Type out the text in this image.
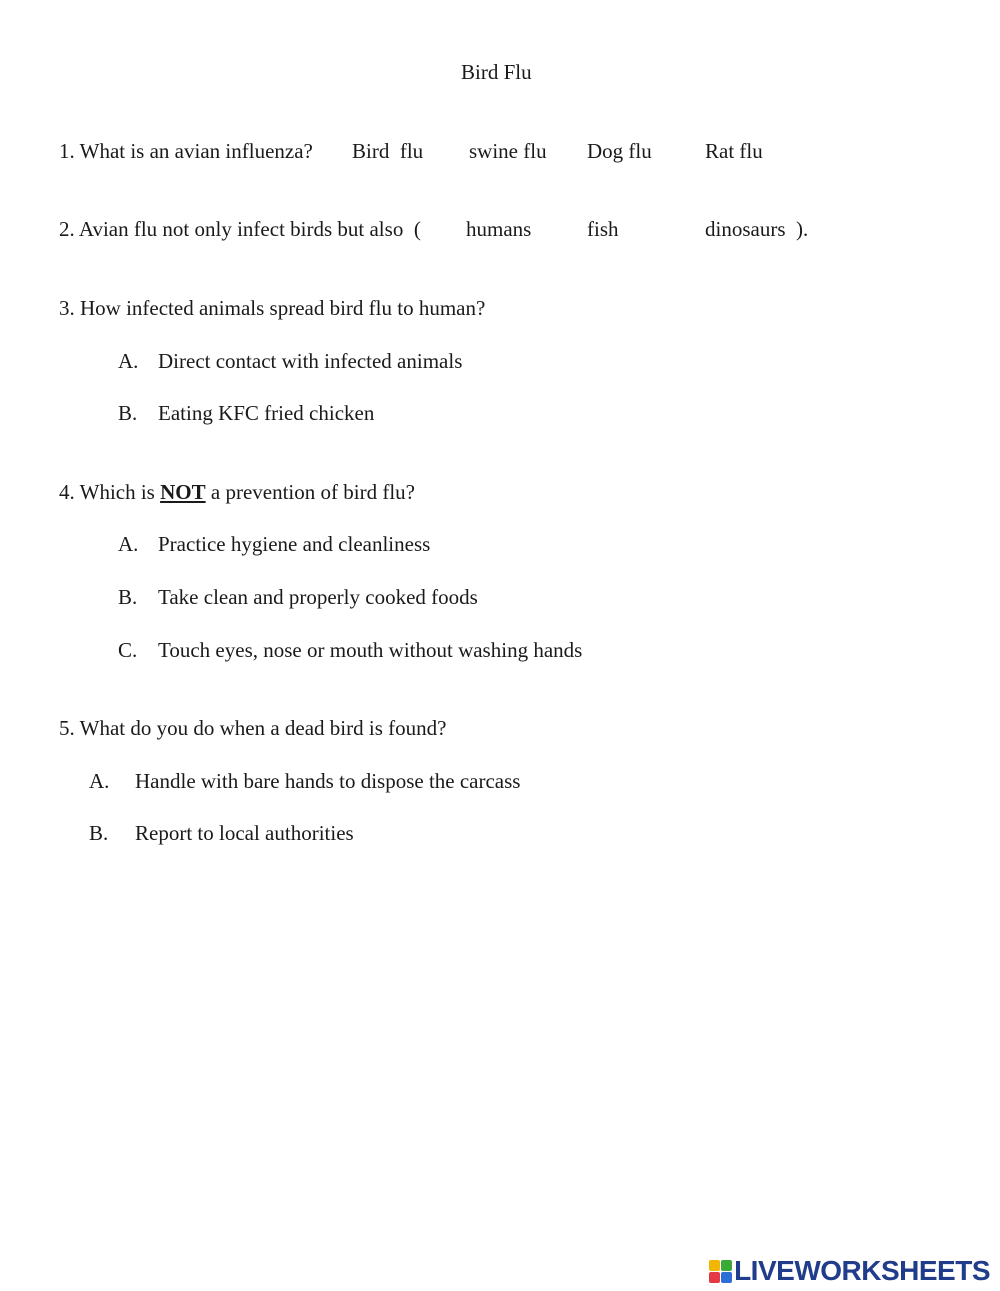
Bird Flu
1. What is an avian influenza? Bird  flu swine flu Dog flu	Rat flu
2. Avian flu not only infect birds but also  ( humans	fish	dinosaurs  ).
3. How infected animals spread bird flu to human?
A. Direct contact with infected animals
B. Eating KFC fried chicken
4. Which is NOT a prevention of bird flu?
A. Practice hygiene and cleanliness
B. Take clean and properly cooked foods
C. Touch eyes, nose or mouth without washing hands
5. What do you do when a dead bird is found?
A. Handle with bare hands to dispose the carcass
B. Report to local authorities
LIVEWORKSHEETS
